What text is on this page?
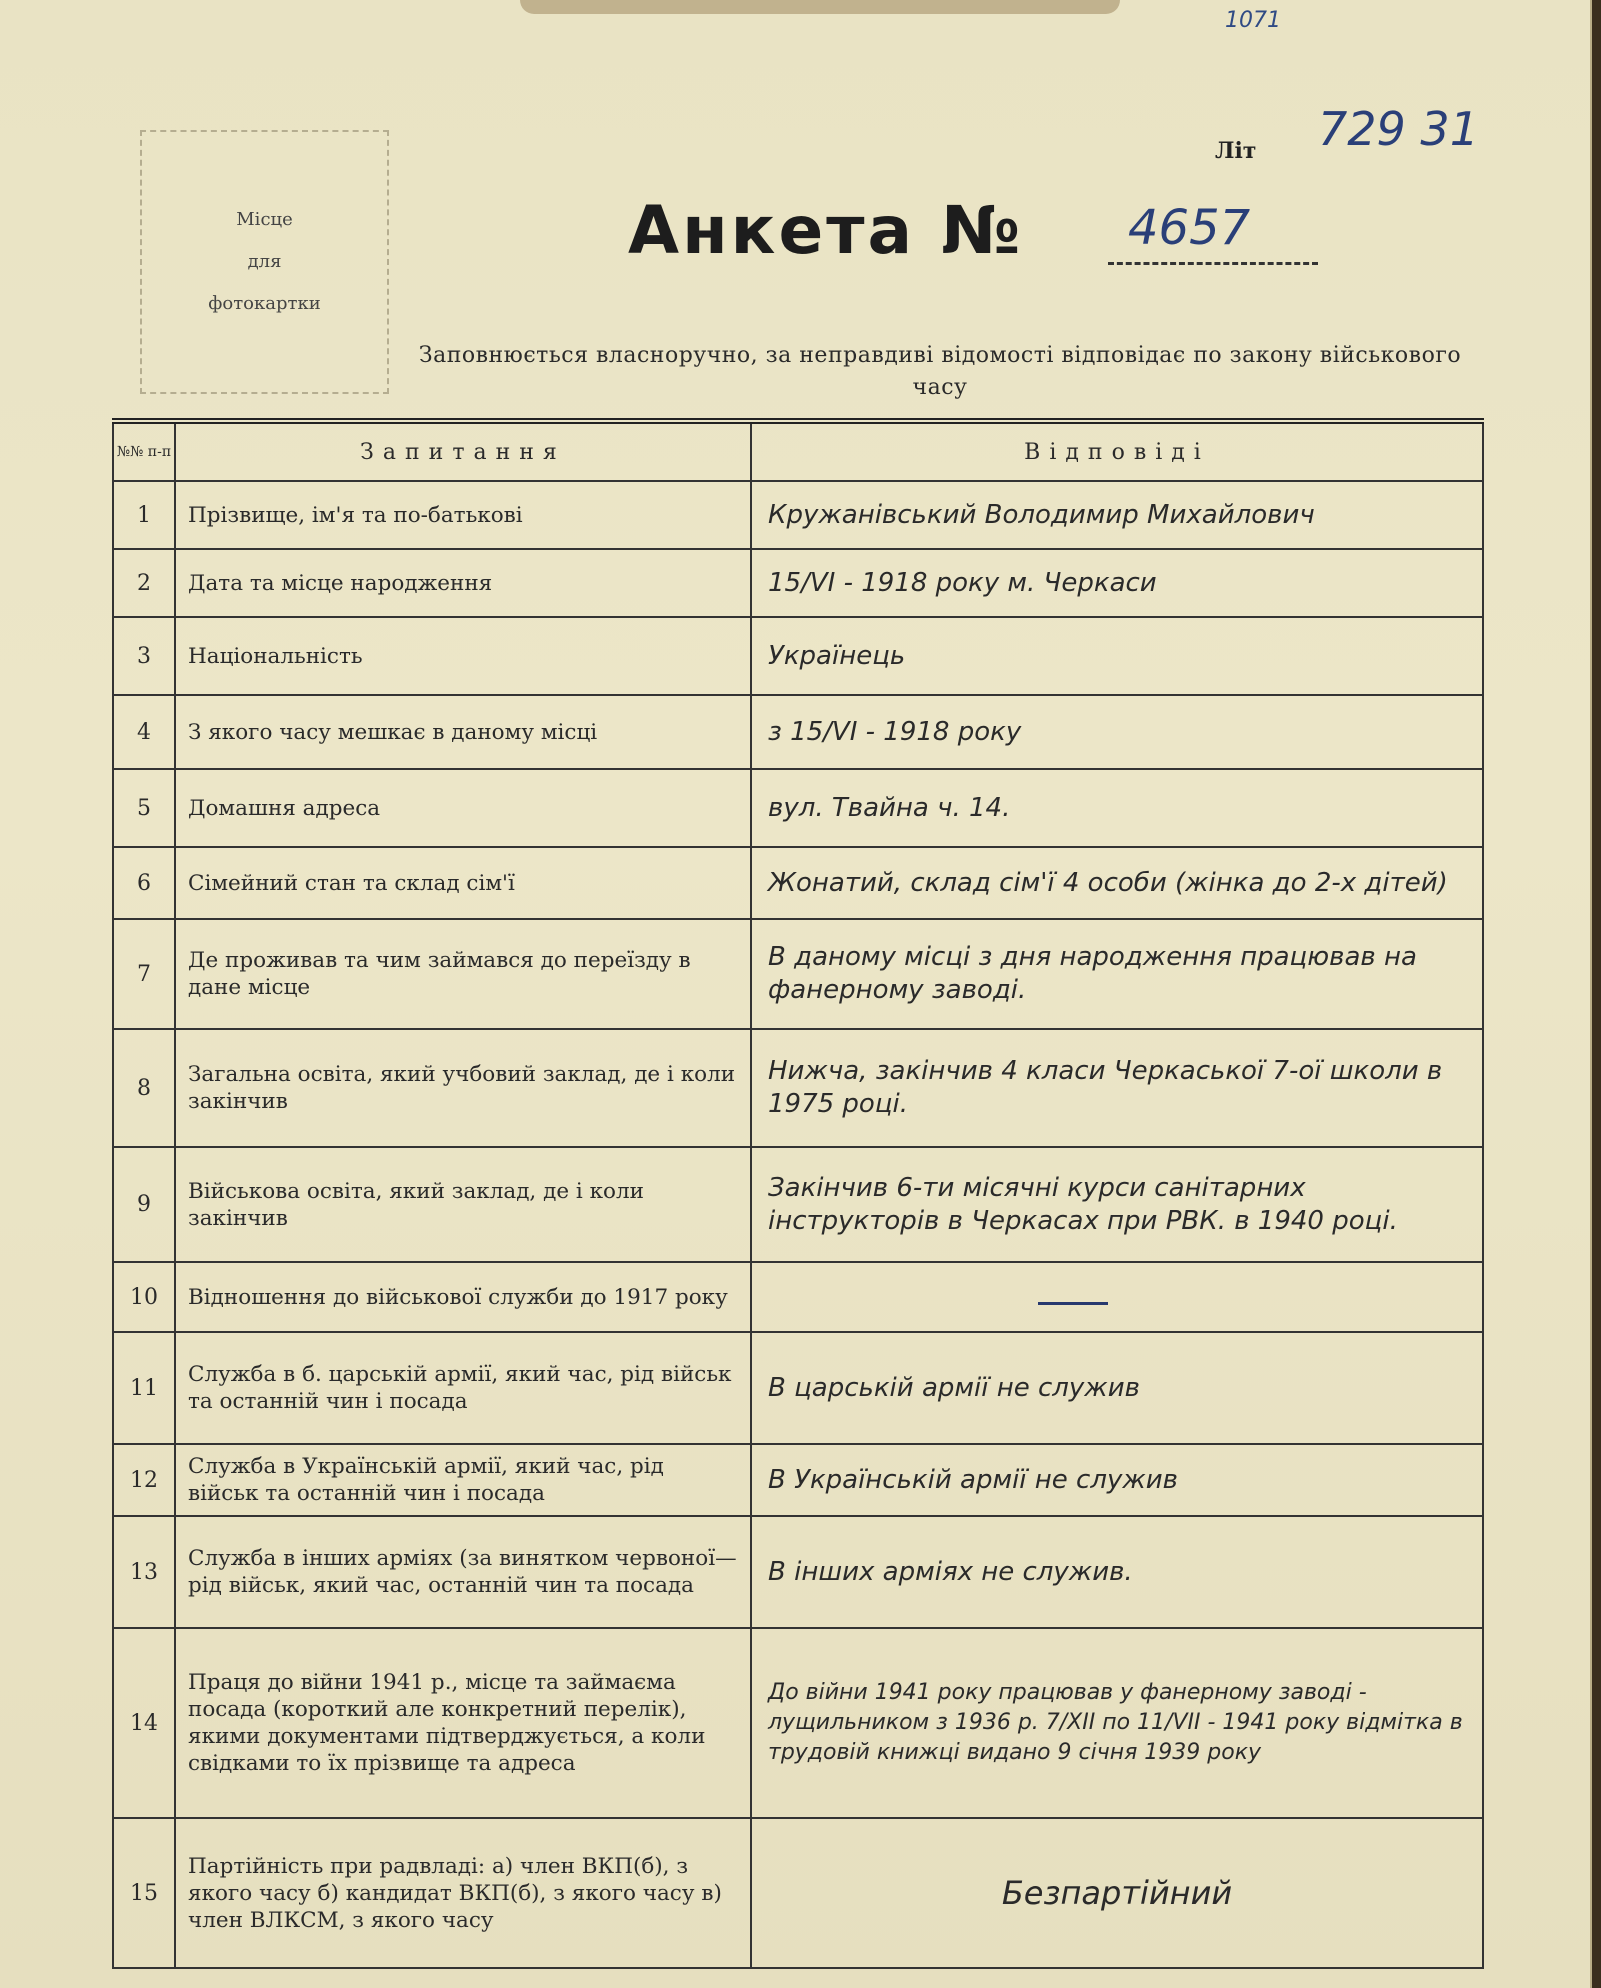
1071
Місце
для
фотокартки
Літ 729 31
Анкета № 4657
Заповнюється власноручно, за неправдиві відомості відповідає по закону військового часу
№№ п-п	Запитання	Відповіді
1	Прізвище, ім'я та по-батькові	Кружанівський Володимир Михайлович
2	Дата та місце народження	15/VI - 1918 року м. Черкаси
3	Національність	Українець
4	З якого часу мешкає в даному місці	з 15/VI - 1918 року
5	Домашня адреса	вул. Твайна ч. 14.
6	Сімейний стан та склад сім'ї	Жонатий, склад сім'ї 4 особи (жінка до 2-х дітей)
7	Де проживав та чим займався до переїзду в дане місце	В даному місці з дня народження працював на фанерному заводі.
8	Загальна освіта, який учбовий заклад, де і коли закінчив	Нижча, закінчив 4 класи Черкаської 7-ої школи в 1975 році.
9	Військова освіта, який заклад, де і коли закінчив	Закінчив 6-ти місячні курси санітарних інструкторів в Черкасах при РВК. в 1940 році.
10	Відношення до військової служби до 1917 року	
11	Служба в б. царській армії, який час, рід військ та останній чин і посада	В царській армії не служив
12	Служба в Українській армії, який час, рід військ та останній чин і посада	В Українській армії не служив
13	Служба в інших арміях (за винятком червоної—рід військ, який час, останній чин та посада	В інших арміях не служив.
14	Праця до війни 1941 р., місце та займаєма посада (короткий але конкретний перелік), якими документами підтверджується, а коли свідками то їх прізвище та адреса	До війни 1941 року працював у фанерному заводі - лущильником з 1936 р. 7/XII по 11/VII - 1941 року відмітка в трудовій книжці видано 9 січня 1939 року
15	Партійність при радвладі: а) член ВКП(б), з якого часу б) кандидат ВКП(б), з якого часу в) член ВЛКСМ, з якого часу	Безпартійний
